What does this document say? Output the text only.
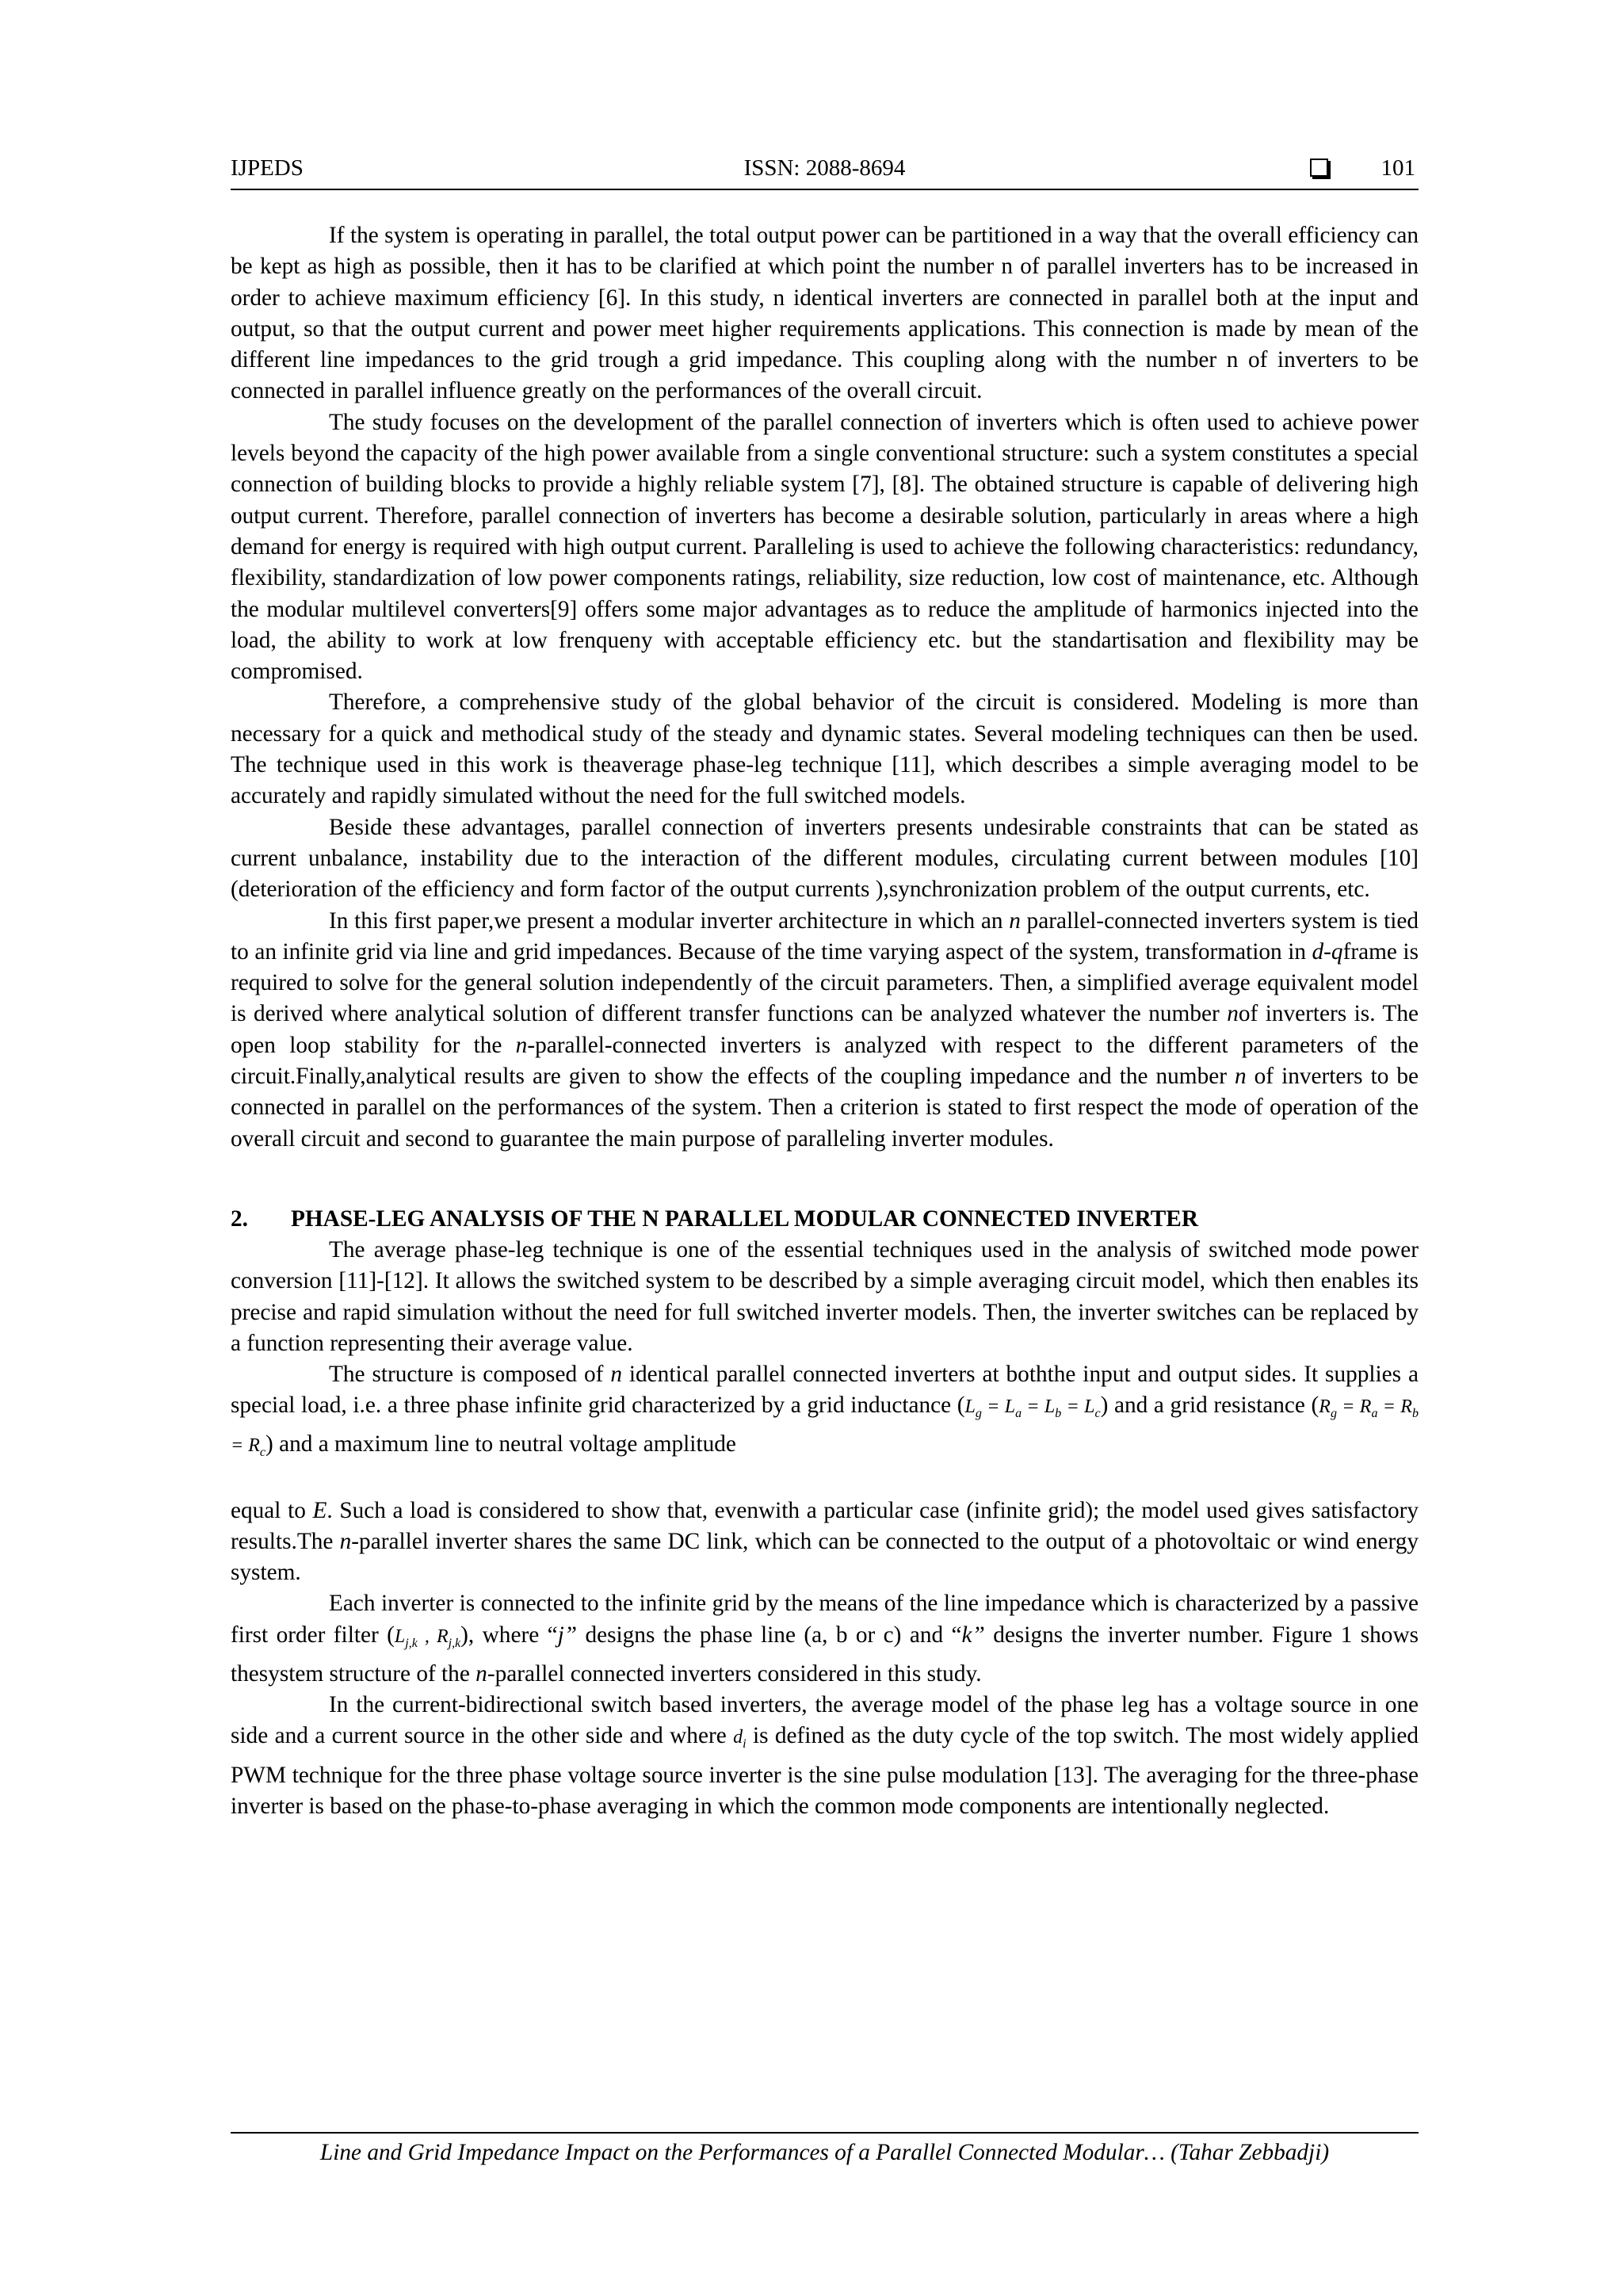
IJPEDS	ISSN: 2088-8694	101

If the system is operating in parallel, the total output power can be partitioned in a way that the overall efficiency can be kept as high as possible, then it has to be clarified at which point the number n of parallel inverters has to be increased in order to achieve maximum efficiency [6]. In this study, n identical inverters are connected in parallel both at the input and output, so that the output current and power meet higher requirements applications. This connection is made by mean of the different line impedances to the grid trough a grid impedance. This coupling along with the number n of inverters to be connected in parallel influence greatly on the performances of the overall circuit.

The study focuses on the development of the parallel connection of inverters which is often used to achieve power levels beyond the capacity of the high power available from a single conventional structure: such a system constitutes a special connection of building blocks to provide a highly reliable system [7], [8]. The obtained structure is capable of delivering high output current. Therefore, parallel connection of inverters has become a desirable solution, particularly in areas where a high demand for energy is required with high output current. Paralleling is used to achieve the following characteristics: redundancy, flexibility, standardization of low power components ratings, reliability, size reduction, low cost of maintenance, etc. Although the modular multilevel converters[9] offers some major advantages as to reduce the amplitude of harmonics injected into the load, the ability to work at low frenqueny with acceptable efficiency etc. but the standartisation and flexibility may be compromised.

Therefore, a comprehensive study of the global behavior of the circuit is considered. Modeling is more than necessary for a quick and methodical study of the steady and dynamic states. Several modeling techniques can then be used. The technique used in this work is theaverage phase-leg technique [11], which describes a simple averaging model to be accurately and rapidly simulated without the need for the full switched models.

Beside these advantages, parallel connection of inverters presents undesirable constraints that can be stated as current unbalance, instability due to the interaction of the different modules, circulating current between modules [10] (deterioration of the efficiency and form factor of the output currents ),synchronization problem of the output currents, etc.

In this first paper,we present a modular inverter architecture in which an n parallel-connected inverters system is tied to an infinite grid via line and grid impedances. Because of the time varying aspect of the system, transformation in d-qframe is required to solve for the general solution independently of the circuit parameters. Then, a simplified average equivalent model is derived where analytical solution of different transfer functions can be analyzed whatever the number nof inverters is. The open loop stability for the n-parallel-connected inverters is analyzed with respect to the different parameters of the circuit.Finally,analytical results are given to show the effects of the coupling impedance and the number n of inverters to be connected in parallel on the performances of the system. Then a criterion is stated to first respect the mode of operation of the overall circuit and second to guarantee the main purpose of paralleling inverter modules.

2. PHASE-LEG ANALYSIS OF THE N PARALLEL MODULAR CONNECTED INVERTER

The average phase-leg technique is one of the essential techniques used in the analysis of switched mode power conversion [11]-[12]. It allows the switched system to be described by a simple averaging circuit model, which then enables its precise and rapid simulation without the need for full switched inverter models. Then, the inverter switches can be replaced by a function representing their average value.

The structure is composed of n identical parallel connected inverters at boththe input and output sides. It supplies a special load, i.e. a three phase infinite grid characterized by a grid inductance $(L_g = L_a = L_b = L_c)$ and a grid resistance $(R_g = R_a = R_b = R_c)$ and a maximum line to neutral voltage amplitude

equal to E. Such a load is considered to show that, evenwith a particular case (infinite grid); the model used gives satisfactory results.The n-parallel inverter shares the same DC link, which can be connected to the output of a photovoltaic or wind energy system.

Each inverter is connected to the infinite grid by the means of the line impedance which is characterized by a passive first order filter ($L_{j,k}$ , $R_{j,k}$), where “j” designs the phase line (a, b or c) and “k” designs the inverter number. Figure 1 shows thesystem structure of the n-parallel connected inverters considered in this study.

In the current-bidirectional switch based inverters, the average model of the phase leg has a voltage source in one side and a current source in the other side and where $d_i$ is defined as the duty cycle of the top switch. The most widely applied PWM technique for the three phase voltage source inverter is the sine pulse modulation [13]. The averaging for the three-phase inverter is based on the phase-to-phase averaging in which the common mode components are intentionally neglected.

Line and Grid Impedance Impact on the Performances of a Parallel Connected Modular… (Tahar Zebbadji)
